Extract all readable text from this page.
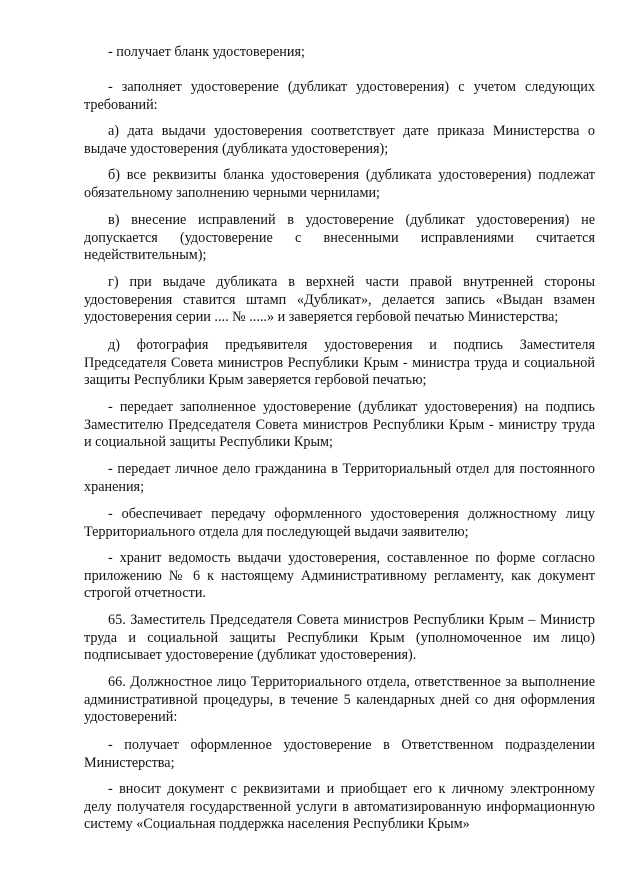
- получает бланк удостоверения;

- заполняет удостоверение (дубликат удостоверения) с учетом следующих требований:

а) дата выдачи удостоверения соответствует дате приказа Министерства о выдаче удостоверения (дубликата удостоверения);

б) все реквизиты бланка удостоверения (дубликата удостоверения) подлежат обязательному заполнению черными чернилами;

в) внесение исправлений в удостоверение (дубликат удостоверения) не допускается (удостоверение с внесенными исправлениями считается недействительным);

г) при выдаче дубликата в верхней части правой внутренней стороны удостоверения ставится штамп «Дубликат», делается запись «Выдан взамен удостоверения серии .... № .....» и заверяется гербовой печатью Министерства;

д) фотография предъявителя удостоверения и подпись Заместителя Председателя Совета министров Республики Крым - министра труда и социальной защиты Республики Крым заверяется гербовой печатью;

- передает заполненное удостоверение (дубликат удостоверения) на подпись Заместителю Председателя Совета министров Республики Крым - министру труда и социальной защиты Республики Крым;

- передает личное дело гражданина в Территориальный отдел для постоянного хранения;

- обеспечивает передачу оформленного удостоверения должностному лицу Территориального отдела для последующей выдачи заявителю;

- хранит ведомость выдачи удостоверения, составленное по форме согласно приложению № 6 к настоящему Административному регламенту, как документ строгой отчетности.

65. Заместитель Председателя Совета министров Республики Крым – Министр труда и социальной защиты Республики Крым (уполномоченное им лицо) подписывает удостоверение (дубликат удостоверения).

66. Должностное лицо Территориального отдела, ответственное за выполнение административной процедуры, в течение 5 календарных дней со дня оформления удостоверений:

- получает оформленное удостоверение в Ответственном подразделении Министерства;

- вносит документ с реквизитами и приобщает его к личному электронному делу получателя государственной услуги в автоматизированную информационную систему «Социальная поддержка населения Республики Крым»
